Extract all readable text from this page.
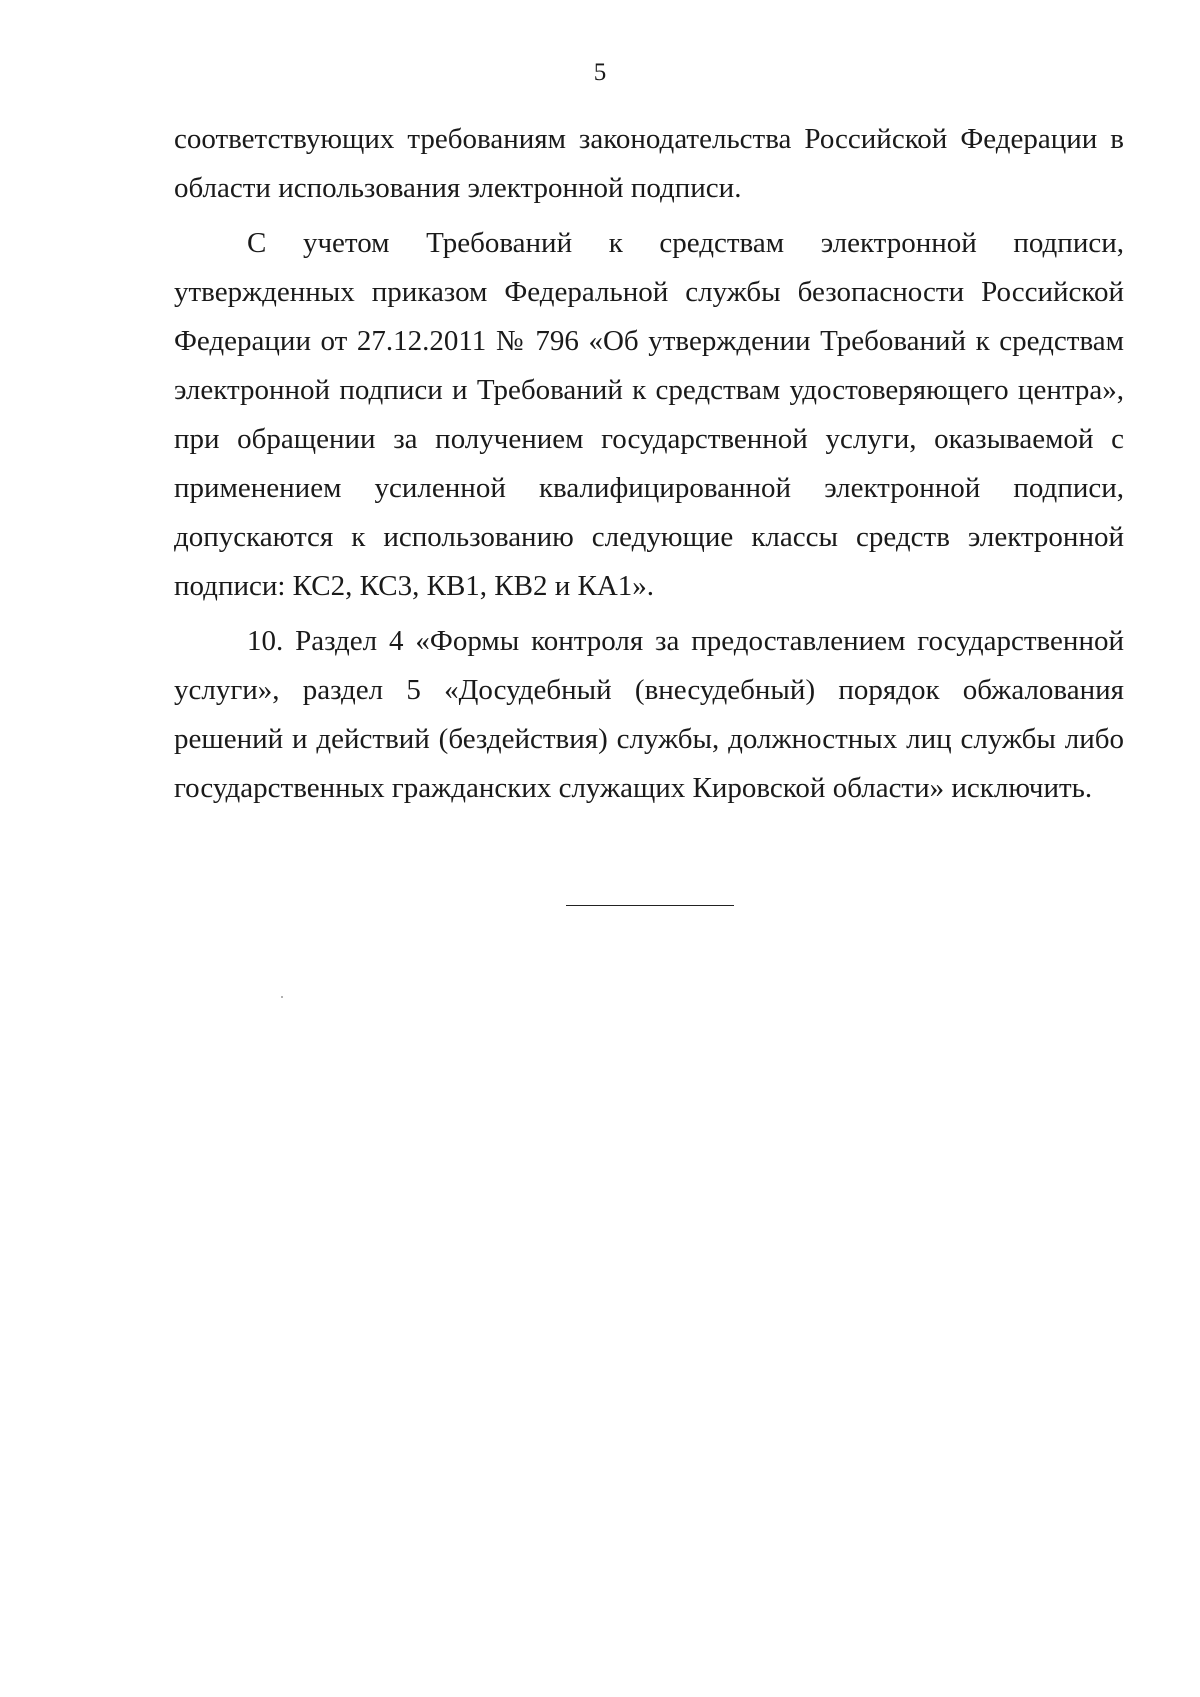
5

соответствующих требованиям законодательства Российской Федерации в области использования электронной подписи.

С учетом Требований к средствам электронной подписи, утвержденных приказом Федеральной службы безопасности Российской Федерации от 27.12.2011 № 796 «Об утверждении Требований к средствам электронной подписи и Требований к средствам удостоверяющего центра», при обращении за получением государственной услуги, оказываемой с применением усиленной квалифицированной электронной подписи, допускаются к использованию следующие классы средств электронной подписи: КС2, КС3, КВ1, КВ2 и КА1».

10. Раздел 4 «Формы контроля за предоставлением государственной услуги», раздел 5 «Досудебный (внесудебный) порядок обжалования решений и действий (бездействия) службы, должностных лиц службы либо государственных гражданских служащих Кировской области» исключить.
